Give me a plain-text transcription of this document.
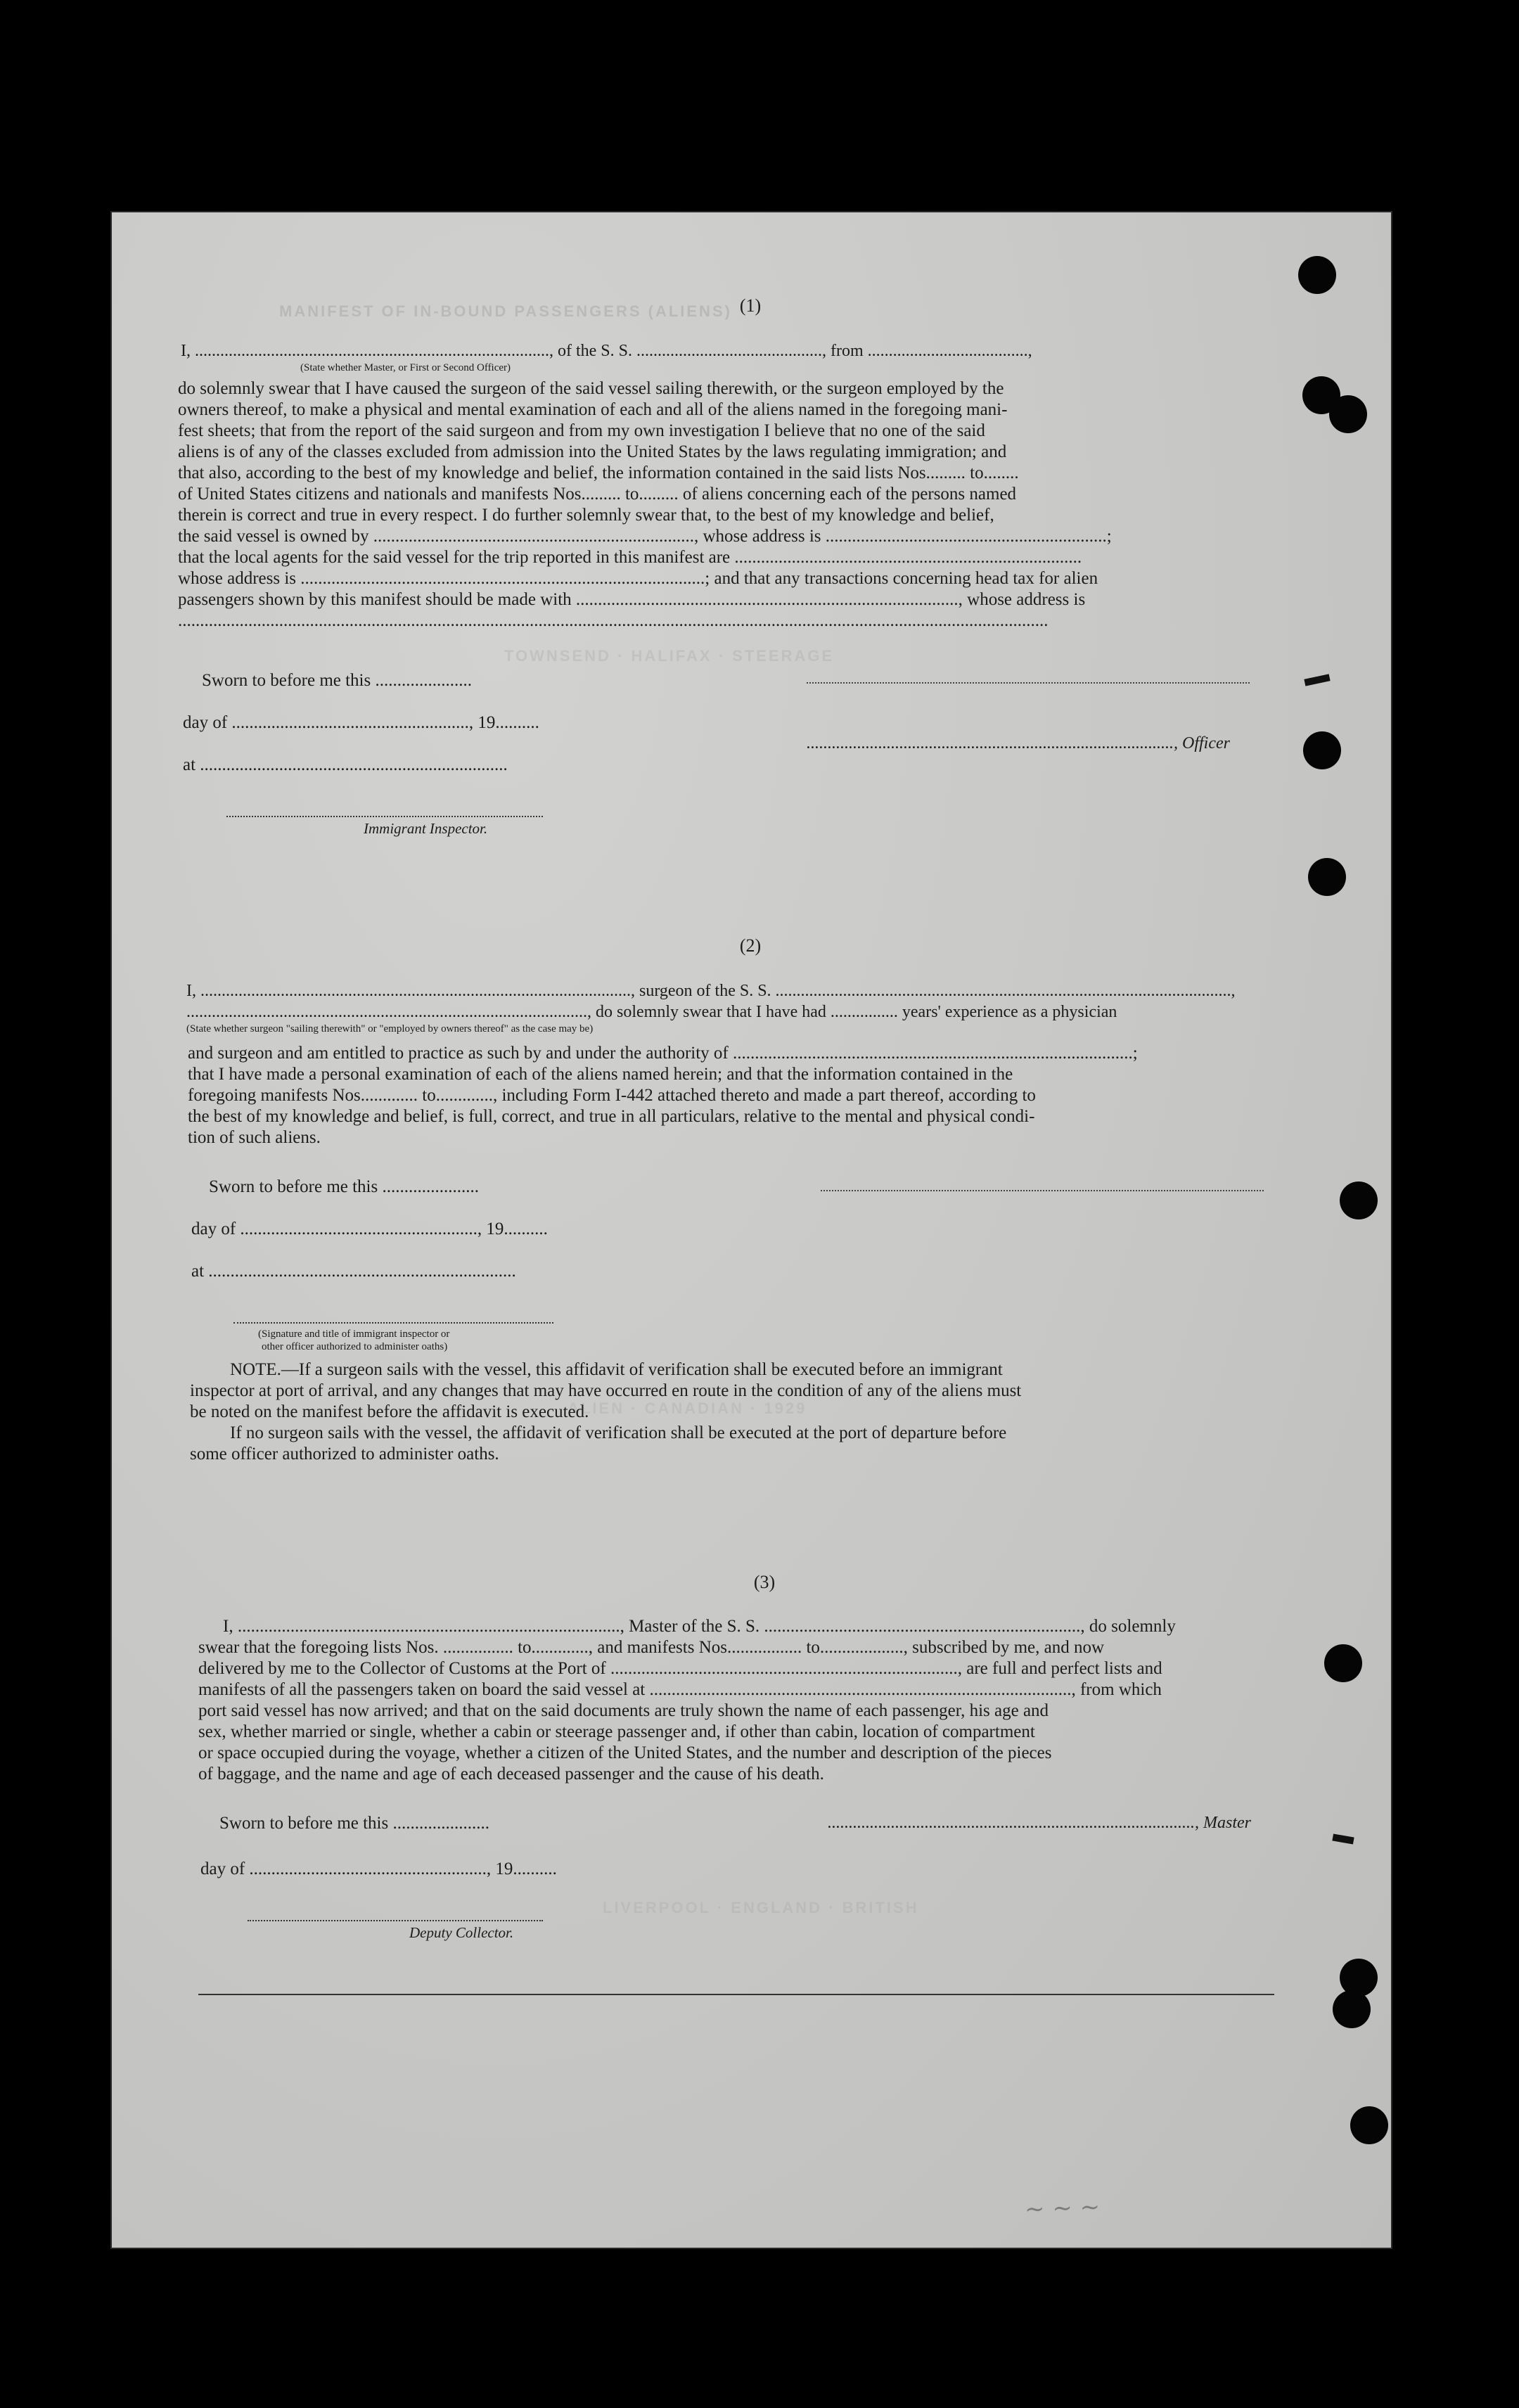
MANIFEST OF IN-BOUND PASSENGERS (ALIENS)
TOWNSEND · HALIFAX · STEERAGE
ALIEN · CANADIAN · 1929
LIVERPOOL · ENGLAND · BRITISH
(1)
I, ...................................................................................., of the S. S. ............................................, from ......................................,
(State whether Master, or First or Second Officer)
do solemnly swear that I have caused the surgeon of the said vessel sailing therewith, or the surgeon employed by the
owners thereof, to make a physical and mental examination of each and all of the aliens named in the foregoing mani-
fest sheets; that from the report of the said surgeon and from my own investigation I believe that no one of the said
aliens is of any of the classes excluded from admission into the United States by the laws regulating immigration; and
that also, according to the best of my knowledge and belief, the information contained in the said lists Nos......... to........
of United States citizens and nationals and manifests Nos......... to......... of aliens concerning each of the persons named
therein is correct and true in every respect. I do further solemnly swear that, to the best of my knowledge and belief,
the said vessel is owned by ........................................................................., whose address is ................................................................;
that the local agents for the said vessel for the trip reported in this manifest are ...............................................................................
whose address is ............................................................................................; and that any transactions concerning head tax for alien
passengers shown by this manifest should be made with ......................................................................................., whose address is
......................................................................................................................................................................................................
Sworn to before me this ......................
day of ......................................................, 19..........
at ......................................................................
Immigrant Inspector.
......................................................................................., Officer
(2)
I, ......................................................................................................, surgeon of the S. S. ............................................................................................................,
..............................................................................................., do solemnly swear that I have had ................ years' experience as a physician
(State whether surgeon "sailing therewith" or "employed by owners thereof" as the case may be)
and surgeon and am entitled to practice as such by and under the authority of ...........................................................................................;
that I have made a personal examination of each of the aliens named herein; and that the information contained in the
foregoing manifests Nos............. to............., including Form I-442 attached thereto and made a part thereof, according to
the best of my knowledge and belief, is full, correct, and true in all particulars, relative to the mental and physical condi-
tion of such aliens.
Sworn to before me this ......................
day of ......................................................, 19..........
at ......................................................................
(Signature and title of immigrant inspector or
other officer authorized to administer oaths)
NOTE.—If a surgeon sails with the vessel, this affidavit of verification shall be executed before an immigrant
inspector at port of arrival, and any changes that may have occurred en route in the condition of any of the aliens must
be noted on the manifest before the affidavit is executed.
If no surgeon sails with the vessel, the affidavit of verification shall be executed at the port of departure before
some officer authorized to administer oaths.
(3)
I, ......................................................................................., Master of the S. S. ........................................................................, do solemnly
swear that the foregoing lists Nos. ................ to............., and manifests Nos................. to..................., subscribed by me, and now
delivered by me to the Collector of Customs at the Port of ..............................................................................., are full and perfect lists and
manifests of all the passengers taken on board the said vessel at ................................................................................................, from which
port said vessel has now arrived; and that on the said documents are truly shown the name of each passenger, his age and
sex, whether married or single, whether a cabin or steerage passenger and, if other than cabin, location of compartment
or space occupied during the voyage, whether a citizen of the United States, and the number and description of the pieces
of baggage, and the name and age of each deceased passenger and the cause of his death.
Sworn to before me this ......................
day of ......................................................, 19..........
......................................................................................., Master
Deputy Collector.
~ ~ ~
